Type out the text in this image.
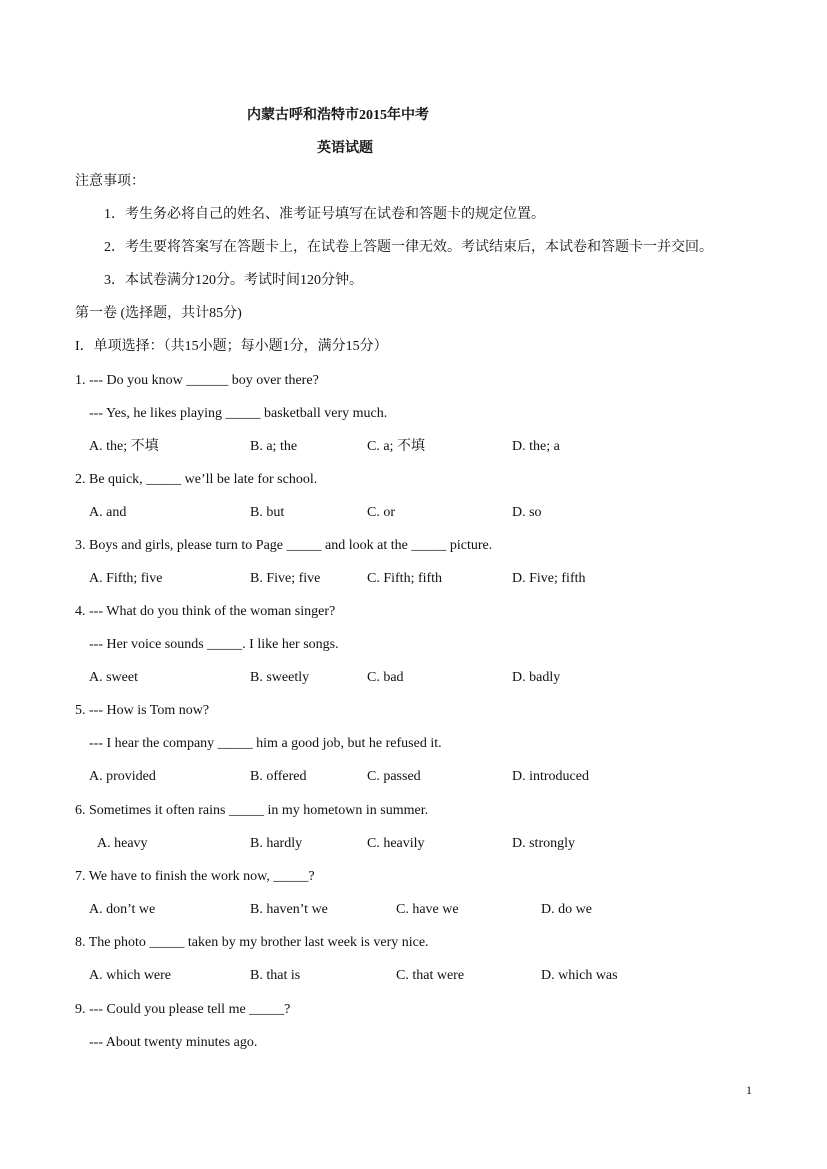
内蒙古呼和浩特市2015年中考
英语试题
注意事项：
1．考生务必将自己的姓名、准考证号填写在试卷和答题卡的规定位置。
2．考生要将答案写在答题卡上，在试卷上答题一律无效。考试结束后，本试卷和答题卡一并交回。
3．本试卷满分120分。考试时间120分钟。
第一卷 (选择题，共计85分)
I．单项选择：（共15小题；每小题1分，满分15分）
1. --- Do you know ______ boy over there?
--- Yes, he likes playing _____ basketball very much.
A. the; 不填	B. a; the	C. a; 不填	D. the; a
2. Be quick, _____ we’ll be late for school.
A. and	B. but	C. or	D. so
3. Boys and girls, please turn to Page _____ and look at the _____ picture.
A. Fifth; five	B. Five; five	C. Fifth; fifth	D. Five; fifth
4. --- What do you think of the woman singer?
--- Her voice sounds _____. I like her songs.
A. sweet	B. sweetly	C. bad	D. badly
5. --- How is Tom now?
--- I hear the company _____ him a good job, but he refused it.
A. provided	B. offered	C. passed	D. introduced
6. Sometimes it often rains _____ in my hometown in summer.
A. heavy	B. hardly	C. heavily	D. strongly
7. We have to finish the work now, _____?
A. don’t we	B. haven’t we	C. have we	D. do we
8. The photo _____ taken by my brother last week is very nice.
A. which were	B. that is	C. that were	D. which was
9. --- Could you please tell me _____?
--- About twenty minutes ago.
1
